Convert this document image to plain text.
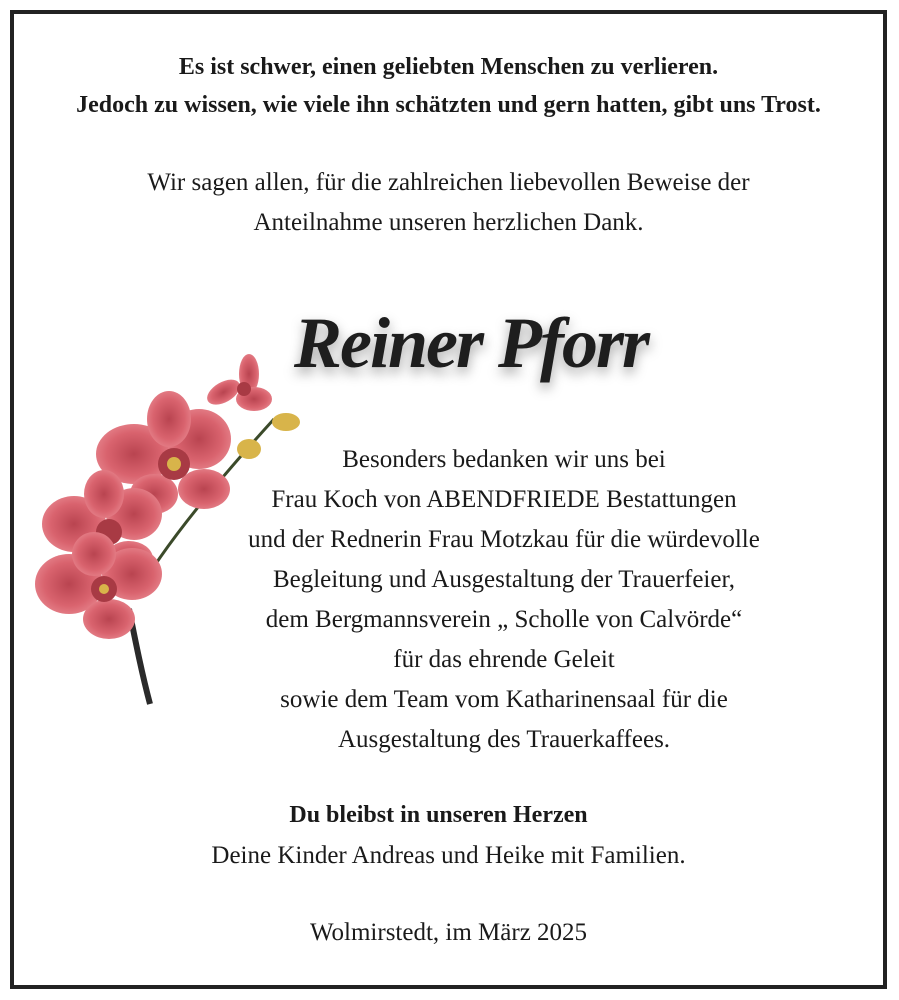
Es ist schwer, einen geliebten Menschen zu verlieren.
Jedoch zu wissen, wie viele ihn schätzten und gern hatten, gibt uns Trost.
Wir sagen allen, für die zahlreichen liebevollen Beweise der
Anteilnahme unseren herzlichen Dank.
Reiner Pforr
Besonders bedanken wir uns bei
Frau Koch von ABENDFRIEDE Bestattungen
und der Rednerin Frau Motzkau für die würdevolle
Begleitung und Ausgestaltung der Trauerfeier,
dem Bergmannsverein „ Scholle von Calvörde“
für das ehrende Geleit
sowie dem Team vom Katharinensaal für die
Ausgestaltung des Trauerkaffees.
Du bleibst in unseren Herzen
Deine Kinder Andreas und Heike mit Familien.
Wolmirstedt, im März 2025
